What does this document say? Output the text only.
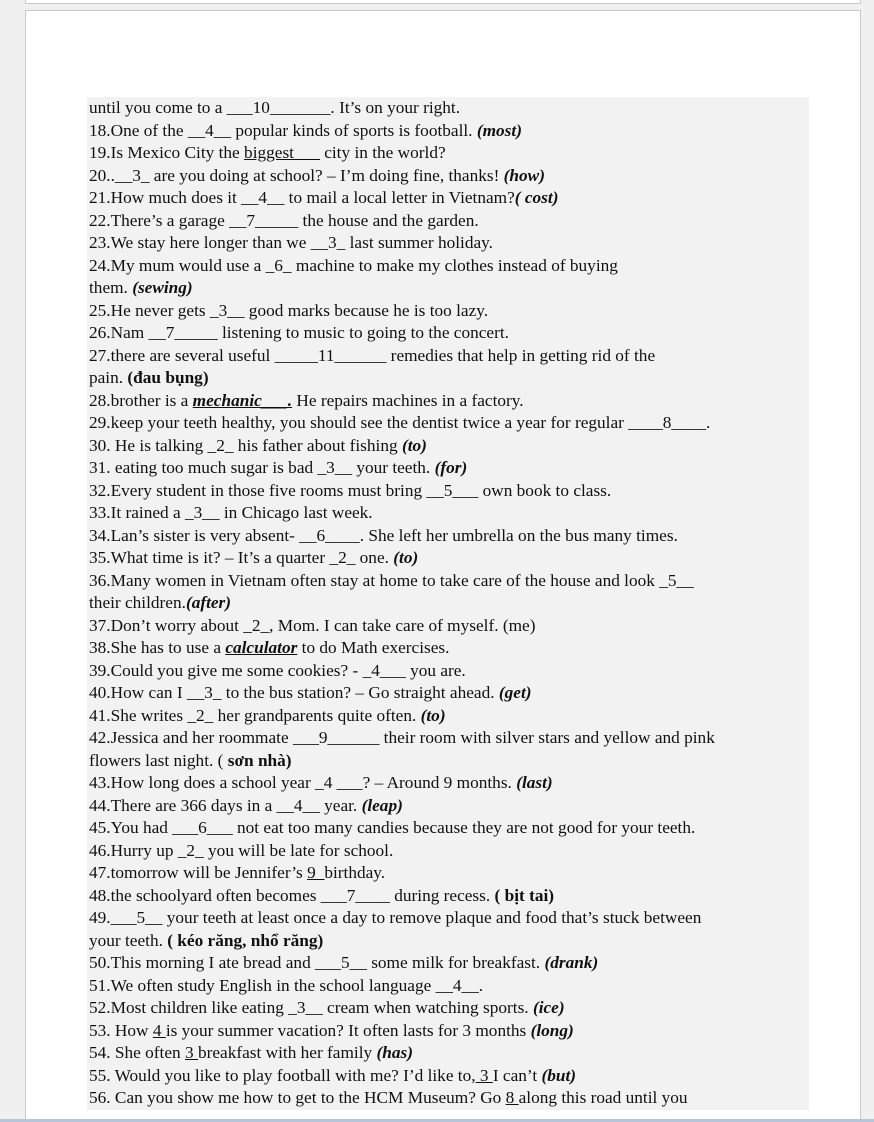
until you come to a ___10_______. It’s on your right.
18.One of the __4__ popular kinds of sports is football. (most)
19.Is Mexico City the biggest___ city in the world?
20..__3_ are you doing at school? – I’m doing fine, thanks! (how)
21.How much does it __4__ to mail a local letter in Vietnam?( cost)
22.There’s a garage __7_____ the house and the garden.
23.We stay here longer than we __3_ last summer holiday.
24.My mum would use a _6_ machine to make my clothes instead of buying
them. (sewing)
25.He never gets _3__ good marks because he is too lazy.
26.Nam __7_____ listening to music to going to the concert.
27.there are several useful _____11______ remedies that help in getting rid of the
pain. (đau bụng)
28.brother is a mechanic___. He repairs machines in a factory.
29.keep your teeth healthy, you should see the dentist twice a year for regular ____8____.
30. He is talking _2_ his father about fishing (to)
31. eating too much sugar is bad _3__ your teeth. (for)
32.Every student in those five rooms must bring __5___ own book to class.
33.It rained a _3__ in Chicago last week.
34.Lan’s sister is very absent- __6____. She left her umbrella on the bus many times.
35.What time is it? – It’s a quarter _2_ one. (to)
36.Many women in Vietnam often stay at home to take care of the house and look _5__
their children.(after)
37.Don’t worry about _2_, Mom. I can take care of myself. (me)
38.She has to use a calculator to do Math exercises.
39.Could you give me some cookies? - _4___ you are.
40.How can I __3_ to the bus station? – Go straight ahead. (get)
41.She writes _2_ her grandparents quite often. (to)
42.Jessica and her roommate ___9______ their room with silver stars and yellow and pink
flowers last night. ( sơn nhà)
43.How long does a school year _4 ___? – Around 9 months. (last)
44.There are 366 days in a __4__ year. (leap)
45.You had ___6___ not eat too many candies because they are not good for your teeth.
46.Hurry up _2_ you will be late for school.
47.tomorrow will be Jennifer’s 9_birthday.
48.the schoolyard often becomes ___7____ during recess. ( bịt tai)
49.___5__ your teeth at least once a day to remove plaque and food that’s stuck between
your teeth. ( kéo răng, nhổ răng)
50.This morning I ate bread and ___5__ some milk for breakfast. (drank)
51.We often study English in the school language __4__.
52.Most children like eating _3__ cream when watching sports. (ice)
53. How 4 is your summer vacation? It often lasts for 3 months (long)
54. She often 3 breakfast with her family (has)
55. Would you like to play football with me? I’d like to, 3 I can’t (but)
56. Can you show me how to get to the HCM Museum? Go 8 along this road until you
